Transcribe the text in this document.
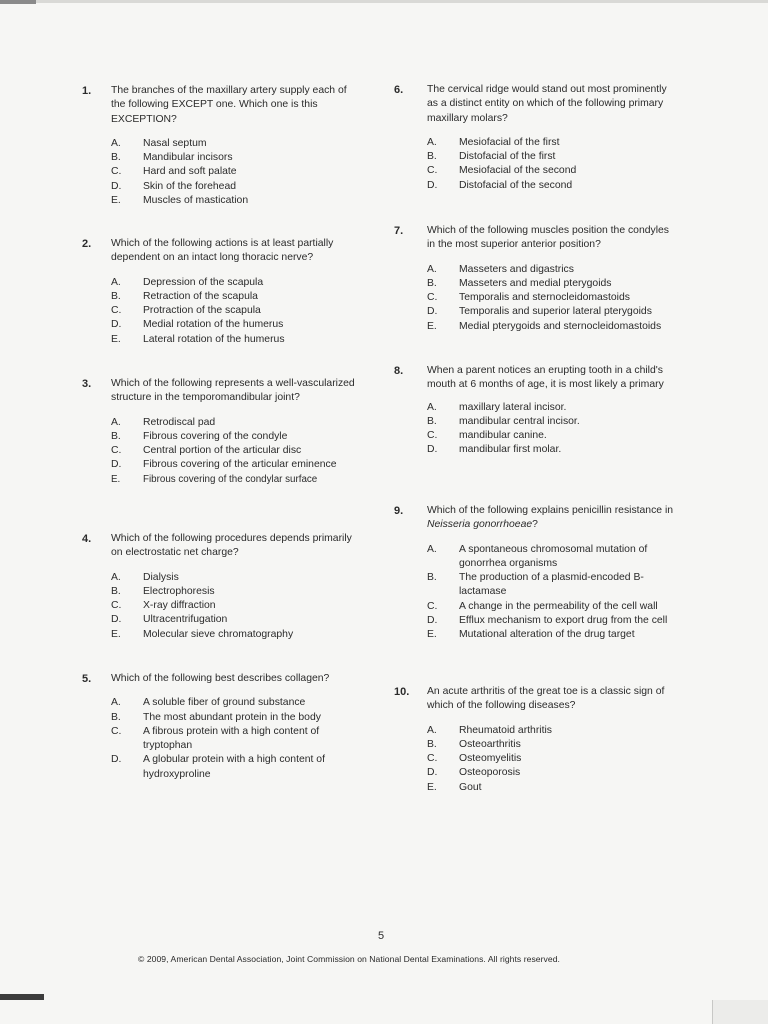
1. The branches of the maxillary artery supply each of the following EXCEPT one. Which one is this EXCEPTION?
A. Nasal septum
B. Mandibular incisors
C. Hard and soft palate
D. Skin of the forehead
E. Muscles of mastication
2. Which of the following actions is at least partially dependent on an intact long thoracic nerve?
A. Depression of the scapula
B. Retraction of the scapula
C. Protraction of the scapula
D. Medial rotation of the humerus
E. Lateral rotation of the humerus
3. Which of the following represents a well-vascularized structure in the temporomandibular joint?
A. Retrodiscal pad
B. Fibrous covering of the condyle
C. Central portion of the articular disc
D. Fibrous covering of the articular eminence
E. Fibrous covering of the condylar surface
4. Which of the following procedures depends primarily on electrostatic net charge?
A. Dialysis
B. Electrophoresis
C. X-ray diffraction
D. Ultracentrifugation
E. Molecular sieve chromatography
5. Which of the following best describes collagen?
A. A soluble fiber of ground substance
B. The most abundant protein in the body
C. A fibrous protein with a high content of tryptophan
D. A globular protein with a high content of hydroxyproline
6. The cervical ridge would stand out most prominently as a distinct entity on which of the following primary maxillary molars?
A. Mesiofacial of the first
B. Distofacial of the first
C. Mesiofacial of the second
D. Distofacial of the second
7. Which of the following muscles position the condyles in the most superior anterior position?
A. Masseters and digastrics
B. Masseters and medial pterygoids
C. Temporalis and sternocleidomastoids
D. Temporalis and superior lateral pterygoids
E. Medial pterygoids and sternocleidomastoids
8. When a parent notices an erupting tooth in a child's mouth at 6 months of age, it is most likely a primary
A. maxillary lateral incisor.
B. mandibular central incisor.
C. mandibular canine.
D. mandibular first molar.
9. Which of the following explains penicillin resistance in Neisseria gonorrhoeae?
A. A spontaneous chromosomal mutation of gonorrhea organisms
B. The production of a plasmid-encoded B-lactamase
C. A change in the permeability of the cell wall
D. Efflux mechanism to export drug from the cell
E. Mutational alteration of the drug target
10. An acute arthritis of the great toe is a classic sign of which of the following diseases?
A. Rheumatoid arthritis
B. Osteoarthritis
C. Osteomyelitis
D. Osteoporosis
E. Gout
5
© 2009, American Dental Association, Joint Commission on National Dental Examinations. All rights reserved.
